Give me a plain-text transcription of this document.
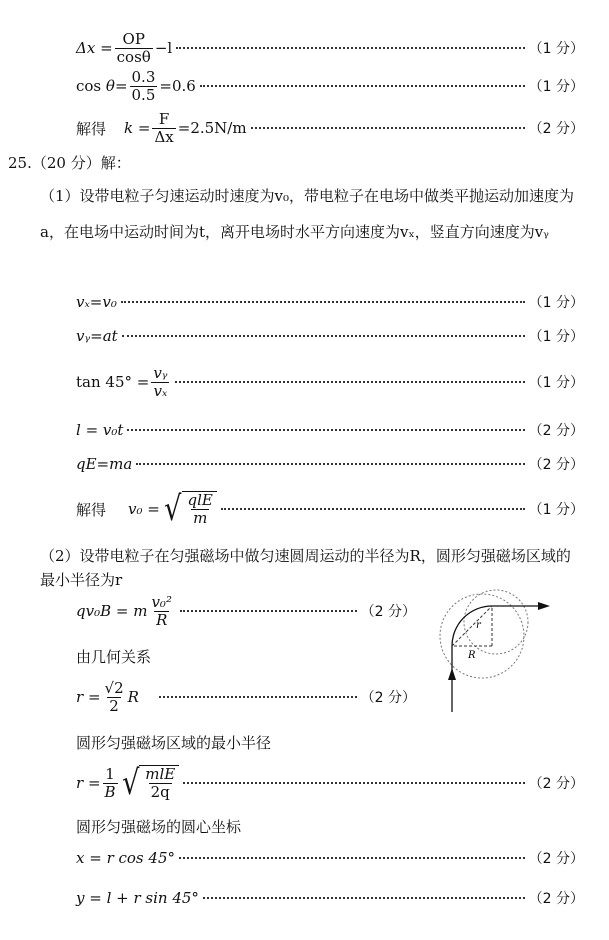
$\Delta x = \frac{OP}{\cos\theta} -l$	（1 分）
$\cos \theta= \frac{0.3}{0.5} =0.6$	（1 分）
解得 $k = \frac{F}{\Delta x} =2.5N/m$	（2 分）
25.（20 分）解：
（1）设带电粒子匀速运动时速度为v₀，带电粒子在电场中做类平抛运动加速度为a，在电场中运动时间为t，离开电场时水平方向速度为vₓ，竖直方向速度为vᵧ
vₓ=v₀	（1 分）
vᵧ=at	（1 分）
$\tan 45^\circ = \frac{\text{vᵧ}}{\text{vₓ}}$	（1 分）
l = v₀t	（2 分）
qE=ma	（2 分）
解得 v₀ = √ $\frac{\text{qlE}}{m}$	（1 分）
（2）设带电粒子在匀强磁场中做匀速圆周运动的半径为R，圆形匀强磁场区域的最小半径为r
qv₀B = m $\frac{\text{v₀²}}{R}$	（2 分）
由几何关系
$r = \frac{√2}{2}$ R	（2 分）
圆形匀强磁场区域的最小半径
$r = \frac{1}{B}$ √ $\frac{\text{mlE}}{2q}$	（2 分）
圆形匀强磁场的圆心坐标
x = r cos 45°	（2 分）
y = l + r sin 45°	（2 分）
r
R
